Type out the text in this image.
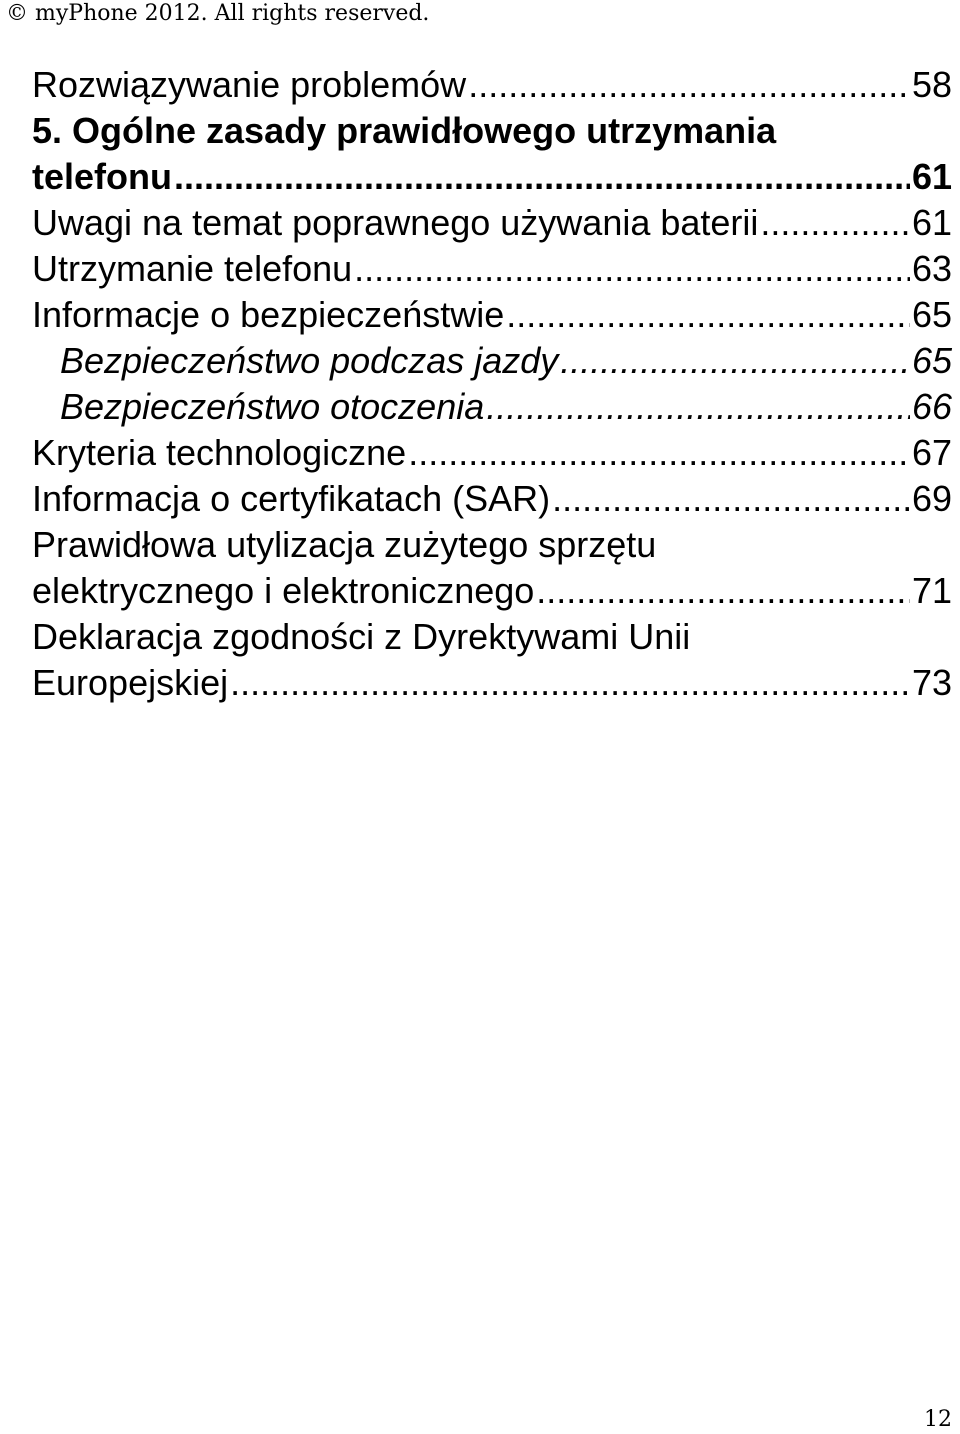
© myPhone 2012. All rights reserved.
Rozwiązywanie problemów .....	58
5. Ogólne zasady prawidłowego utrzymania
telefonu .....	61
Uwagi na temat poprawnego używania baterii .....	61
Utrzymanie telefonu .....	63
Informacje o bezpieczeństwie .....	65
Bezpieczeństwo podczas jazdy .....	65
Bezpieczeństwo otoczenia .....	66
Kryteria technologiczne .....	67
Informacja o certyfikatach (SAR) .....	69
Prawidłowa utylizacja zużytego sprzętu
elektrycznego i elektronicznego .....	71
Deklaracja zgodności z Dyrektywami Unii
Europejskiej .....	73
12
